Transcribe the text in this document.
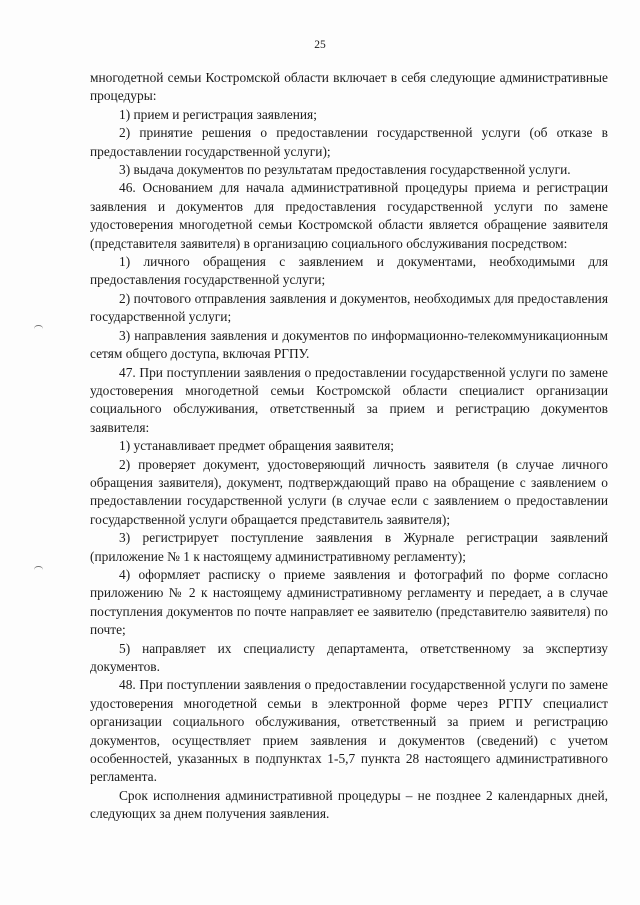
25

многодетной семьи Костромской области включает в себя следующие административные процедуры:

1) прием и регистрация заявления;

2) принятие решения о предоставлении государственной услуги (об отказе в предоставлении государственной услуги);

3) выдача документов по результатам предоставления государственной услуги.

46. Основанием для начала административной процедуры приема и регистрации заявления и документов для предоставления государственной услуги по замене удостоверения многодетной семьи Костромской области является обращение заявителя (представителя заявителя) в организацию социального обслуживания посредством:

1) личного обращения с заявлением и документами, необходимыми для предоставления государственной услуги;

2) почтового отправления заявления и документов, необходимых для предоставления государственной услуги;

3) направления заявления и документов по информационно-телекоммуникационным сетям общего доступа, включая РГПУ.

47. При поступлении заявления о предоставлении государственной услуги по замене удостоверения многодетной семьи Костромской области специалист организации социального обслуживания, ответственный за прием и регистрацию документов заявителя:

1) устанавливает предмет обращения заявителя;

2) проверяет документ, удостоверяющий личность заявителя (в случае личного обращения заявителя), документ, подтверждающий право на обращение с заявлением о предоставлении государственной услуги (в случае если с заявлением о предоставлении государственной услуги обращается представитель заявителя);

3) регистрирует поступление заявления в Журнале регистрации заявлений (приложение № 1 к настоящему административному регламенту);

4) оформляет расписку о приеме заявления и фотографий по форме согласно приложению № 2 к настоящему административному регламенту и передает, а в случае поступления документов по почте направляет ее заявителю (представителю заявителя) по почте;

5) направляет их специалисту департамента, ответственному за экспертизу документов.

48. При поступлении заявления о предоставлении государственной услуги по замене удостоверения многодетной семьи в электронной форме через РГПУ специалист организации социального обслуживания, ответственный за прием и регистрацию документов, осуществляет прием заявления и документов (сведений) с учетом особенностей, указанных в подпунктах 1-5,7 пункта 28 настоящего административного регламента.

Срок исполнения административной процедуры – не позднее 2 календарных дней, следующих за днем получения заявления.
